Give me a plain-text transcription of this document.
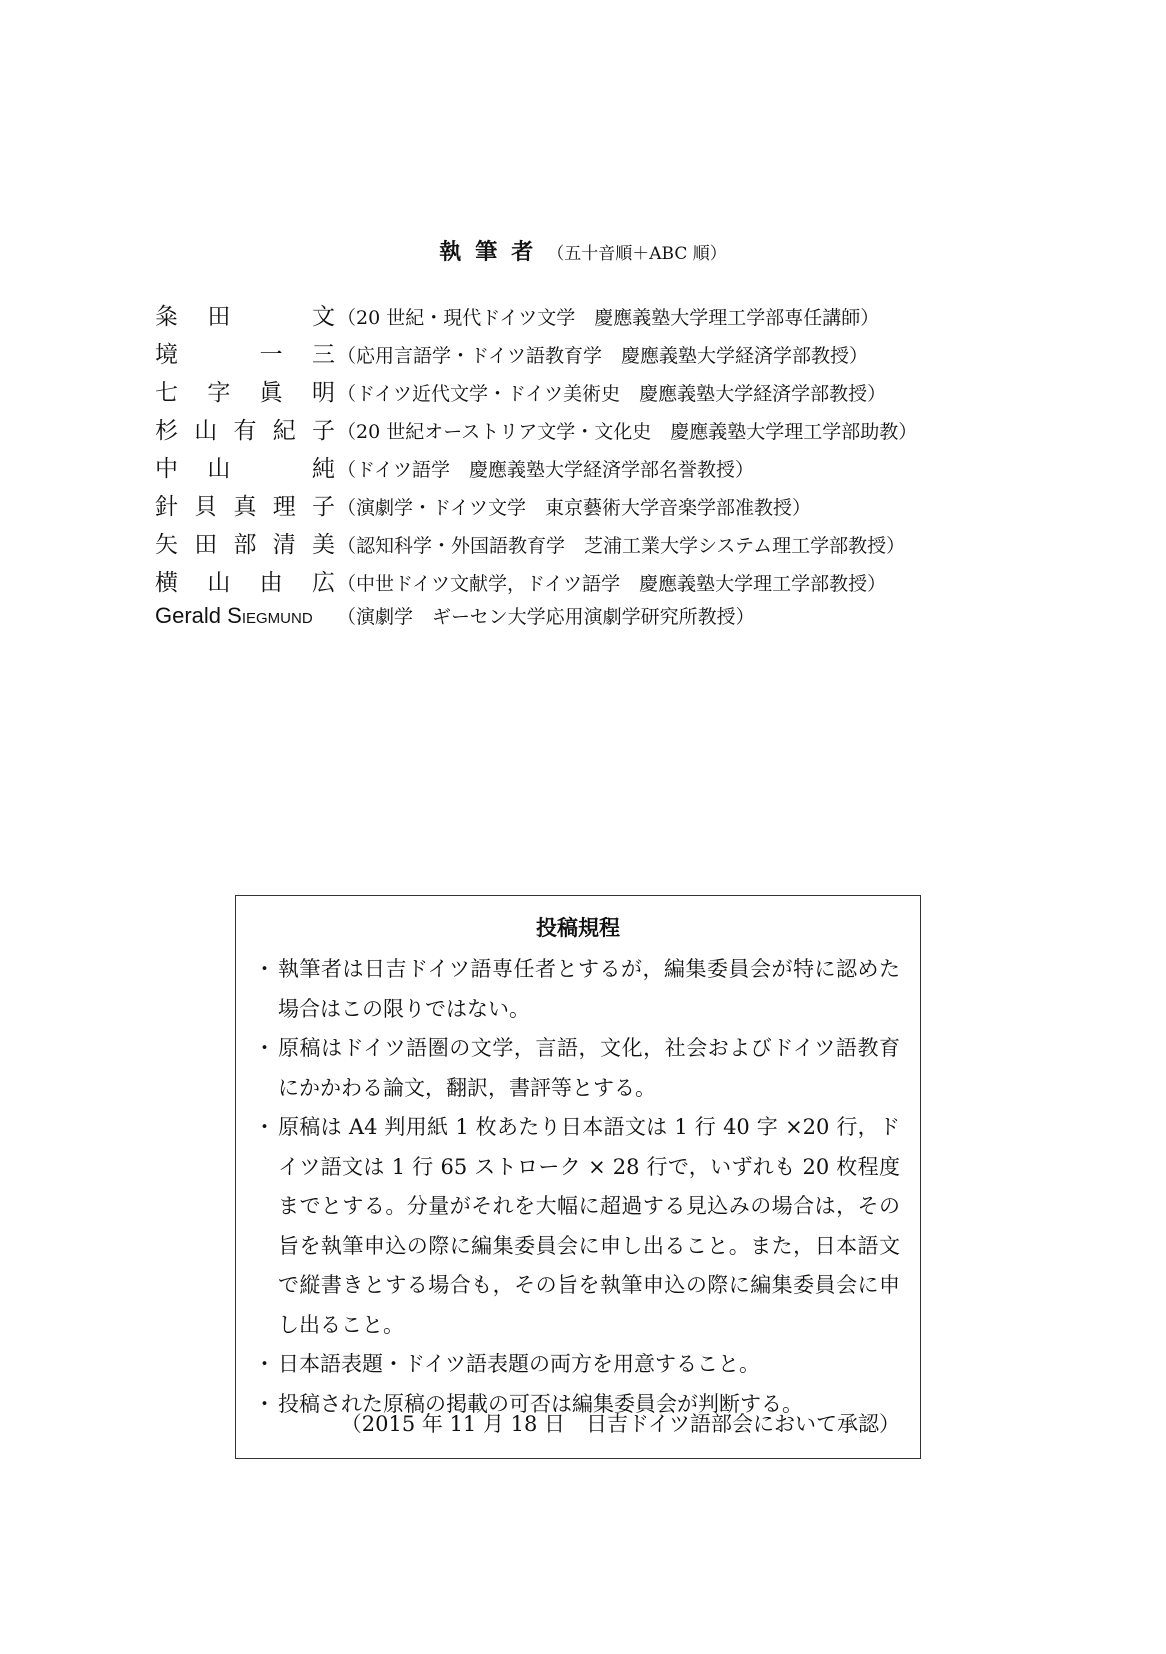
執筆者（五十音順＋ABC 順）
粂田　文 （20 世紀・現代ドイツ文学　慶應義塾大学理工学部専任講師）
境　一三 （応用言語学・ドイツ語教育学　慶應義塾大学経済学部教授）
七字眞明 （ドイツ近代文学・ドイツ美術史　慶應義塾大学経済学部教授）
杉山有紀子 （20 世紀オーストリア文学・文化史　慶應義塾大学理工学部助教）
中山　純 （ドイツ語学　慶應義塾大学経済学部名誉教授）
針貝真理子 （演劇学・ドイツ文学　東京藝術大学音楽学部准教授）
矢田部清美 （認知科学・外国語教育学　芝浦工業大学システム理工学部教授）
横山由広 （中世ドイツ文献学，ドイツ語学　慶應義塾大学理工学部教授）
Gerald Siegmund	（演劇学　ギーセン大学応用演劇学研究所教授）
投稿規程
・ 執筆者は日吉ドイツ語専任者とするが，編集委員会が特に認めた場合はこの限りではない。
・ 原稿はドイツ語圏の文学，言語，文化，社会およびドイツ語教育にかかわる論文，翻訳，書評等とする。
・ 原稿は A4 判用紙 1 枚あたり日本語文は 1 行 40 字 ×20 行，ドイツ語文は 1 行 65 ストローク × 28 行で，いずれも 20 枚程度までとする。分量がそれを大幅に超過する見込みの場合は，その旨を執筆申込の際に編集委員会に申し出ること。また，日本語文で縦書きとする場合も，その旨を執筆申込の際に編集委員会に申し出ること。
・ 日本語表題・ドイツ語表題の両方を用意すること。
・ 投稿された原稿の掲載の可否は編集委員会が判断する。
（2015 年 11 月 18 日　日吉ドイツ語部会において承認）
